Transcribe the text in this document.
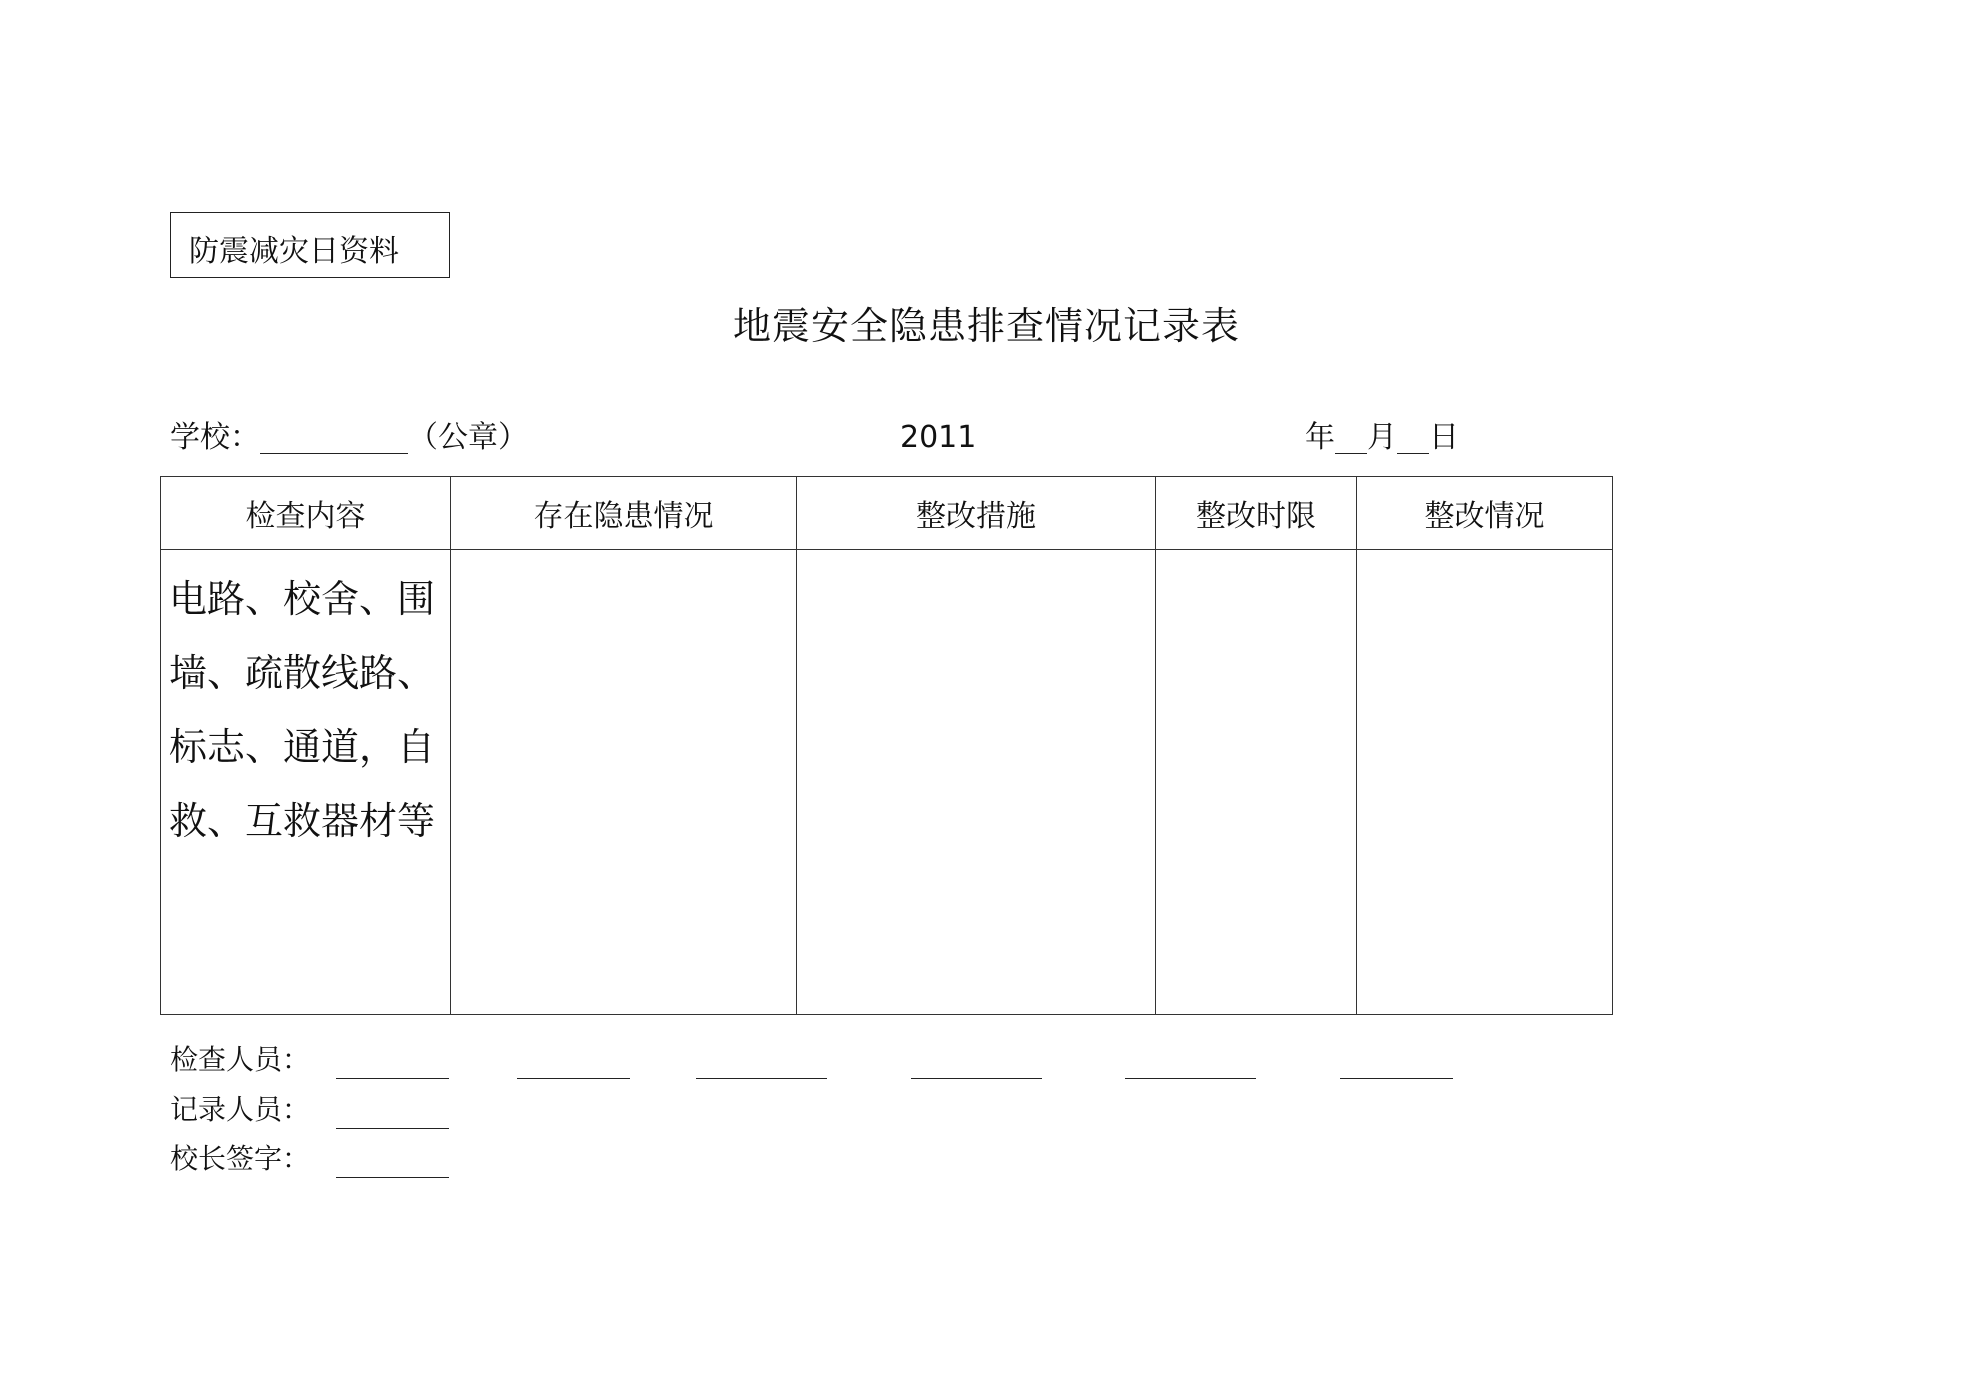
防震减灾日资料
地震安全隐患排查情况记录表
学校：	（公章）	2011	年 月 日
检查内容	存在隐患情况	整改措施	整改时限	整改情况
电路、校舍、围墙、疏散线路、标志、通道，自救、互救器材等				
检查人员：
记录人员：
校长签字：
